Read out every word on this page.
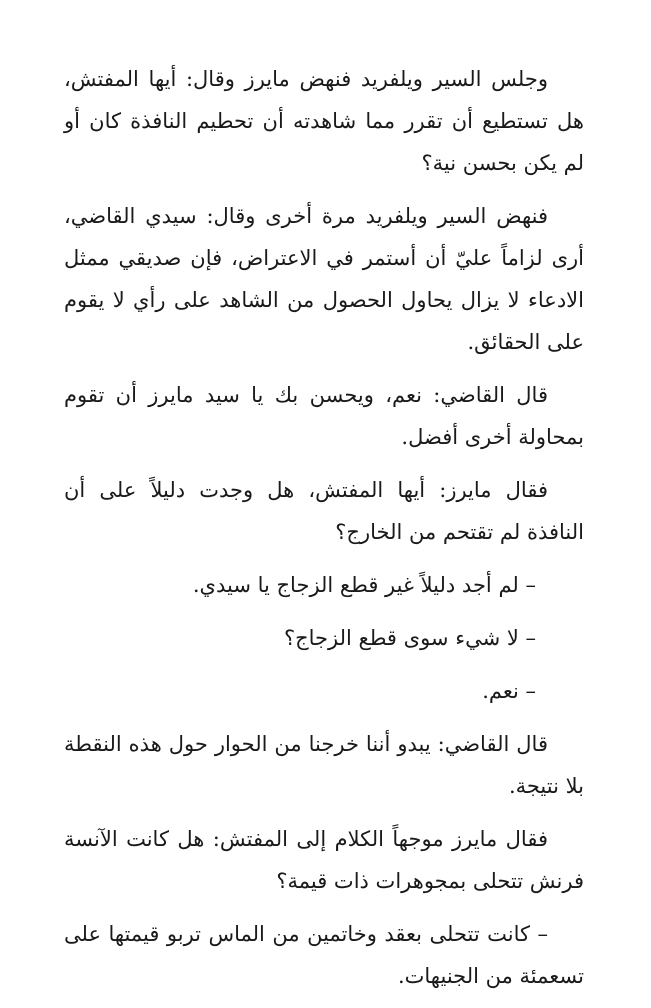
وجلس السير ويلفريد فنهض مايرز وقال: أيها المفتش، هل تستطيع أن تقرر مما شاهدته أن تحطيم النافذة كان أو لم يكن بحسن نية؟

فنهض السير ويلفريد مرة أخرى وقال: سيدي القاضي، أرى لزاماً عليّ أن أستمر في الاعتراض، فإن صديقي ممثل الادعاء لا يزال يحاول الحصول من الشاهد على رأي لا يقوم على الحقائق.

قال القاضي: نعم، ويحسن بك يا سيد مايرز أن تقوم بمحاولة أخرى أفضل.

فقال مايرز: أيها المفتش، هل وجدت دليلاً على أن النافذة لم تقتحم من الخارج؟

– لم أجد دليلاً غير قطع الزجاج يا سيدي.

– لا شيء سوى قطع الزجاج؟

– نعم.

قال القاضي: يبدو أننا خرجنا من الحوار حول هذه النقطة بلا نتيجة.

فقال مايرز موجهاً الكلام إلى المفتش: هل كانت الآنسة فرنش تتحلى بمجوهرات ذات قيمة؟

– كانت تتحلى بعقد وخاتمين من الماس تربو قيمتها على تسعمئة من الجنيهات.
